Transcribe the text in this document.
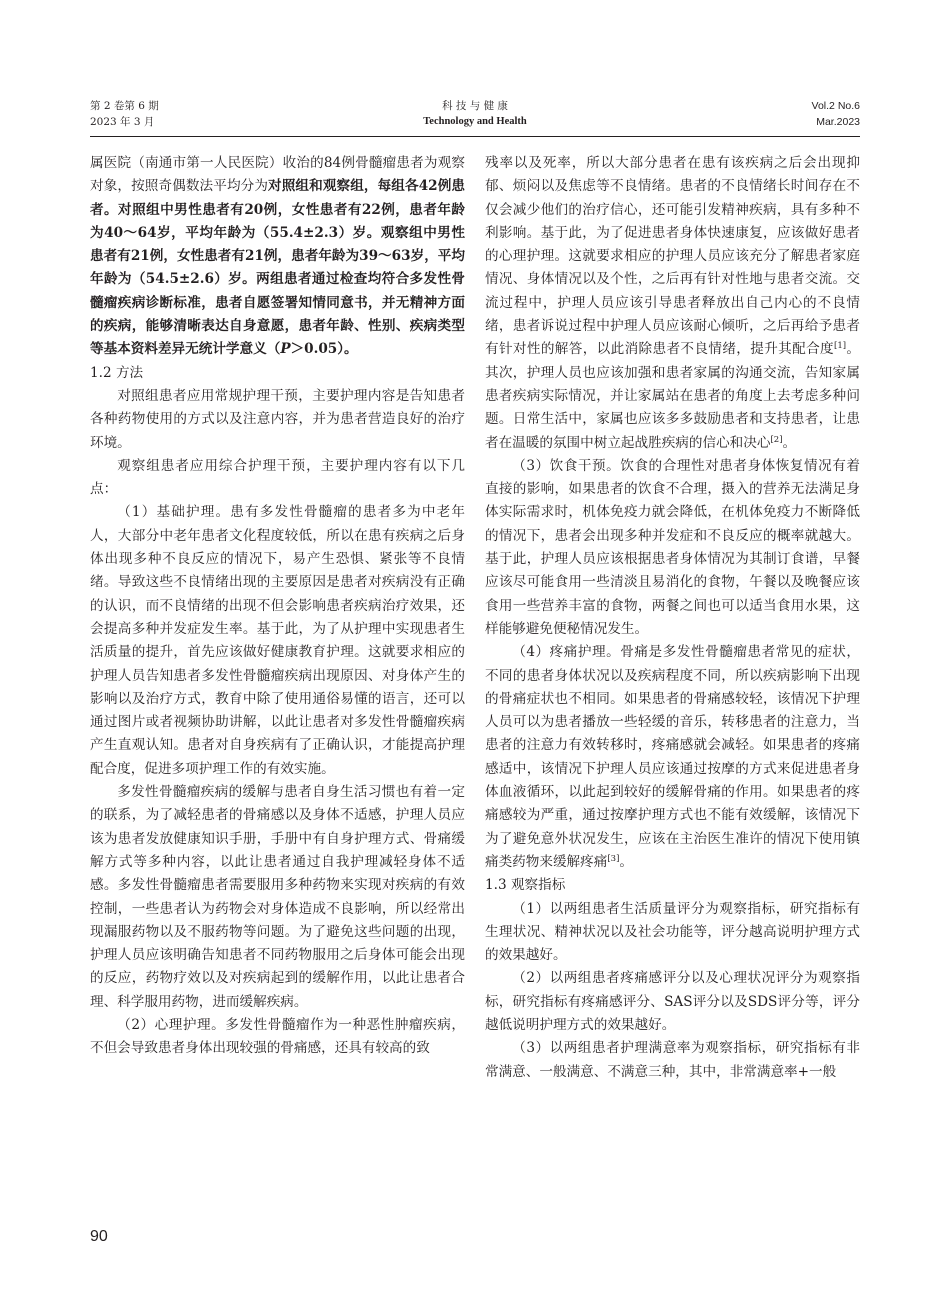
第 2 卷第 6 期
2023 年 3 月
科 技 与 健 康
Technology and Health
Vol.2 No.6
Mar.2023

属医院（南通市第一人民医院）收治的84例骨髓瘤患者为观察对象，按照奇偶数法平均分为对照组和观察组，每组各42例患者。对照组中男性患者有20例，女性患者有22例，患者年龄为40～64岁，平均年龄为（55.4±2.3）岁。观察组中男性患者有21例，女性患者有21例，患者年龄为39～63岁，平均年龄为（54.5±2.6）岁。两组患者通过检查均符合多发性骨髓瘤疾病诊断标准，患者自愿签署知情同意书，并无精神方面的疾病，能够清晰表达自身意愿，患者年龄、性别、疾病类型等基本资料差异无统计学意义（P＞0.05）。

1.2 方法

对照组患者应用常规护理干预，主要护理内容是告知患者各种药物使用的方式以及注意内容，并为患者营造良好的治疗环境。

观察组患者应用综合护理干预，主要护理内容有以下几点：

（1）基础护理。患有多发性骨髓瘤的患者多为中老年人，大部分中老年患者文化程度较低，所以在患有疾病之后身体出现多种不良反应的情况下，易产生恐惧、紧张等不良情绪。导致这些不良情绪出现的主要原因是患者对疾病没有正确的认识，而不良情绪的出现不但会影响患者疾病治疗效果，还会提高多种并发症发生率。基于此，为了从护理中实现患者生活质量的提升，首先应该做好健康教育护理。这就要求相应的护理人员告知患者多发性骨髓瘤疾病出现原因、对身体产生的影响以及治疗方式，教育中除了使用通俗易懂的语言，还可以通过图片或者视频协助讲解，以此让患者对多发性骨髓瘤疾病产生直观认知。患者对自身疾病有了正确认识，才能提高护理配合度，促进多项护理工作的有效实施。

多发性骨髓瘤疾病的缓解与患者自身生活习惯也有着一定的联系，为了减轻患者的骨痛感以及身体不适感，护理人员应该为患者发放健康知识手册，手册中有自身护理方式、骨痛缓解方式等多种内容，以此让患者通过自我护理减轻身体不适感。多发性骨髓瘤患者需要服用多种药物来实现对疾病的有效控制，一些患者认为药物会对身体造成不良影响，所以经常出现漏服药物以及不服药物等问题。为了避免这些问题的出现，护理人员应该明确告知患者不同药物服用之后身体可能会出现的反应，药物疗效以及对疾病起到的缓解作用，以此让患者合理、科学服用药物，进而缓解疾病。

（2）心理护理。多发性骨髓瘤作为一种恶性肿瘤疾病，不但会导致患者身体出现较强的骨痛感，还具有较高的致

残率以及死率，所以大部分患者在患有该疾病之后会出现抑郁、烦闷以及焦虑等不良情绪。患者的不良情绪长时间存在不仅会减少他们的治疗信心，还可能引发精神疾病，具有多种不利影响。基于此，为了促进患者身体快速康复，应该做好患者的心理护理。这就要求相应的护理人员应该充分了解患者家庭情况、身体情况以及个性，之后再有针对性地与患者交流。交流过程中，护理人员应该引导患者释放出自己内心的不良情绪，患者诉说过程中护理人员应该耐心倾听，之后再给予患者有针对性的解答，以此消除患者不良情绪，提升其配合度[1]。其次，护理人员也应该加强和患者家属的沟通交流，告知家属患者疾病实际情况，并让家属站在患者的角度上去考虑多种问题。日常生活中，家属也应该多多鼓励患者和支持患者，让患者在温暖的氛围中树立起战胜疾病的信心和决心[2]。

（3）饮食干预。饮食的合理性对患者身体恢复情况有着直接的影响，如果患者的饮食不合理，摄入的营养无法满足身体实际需求时，机体免疫力就会降低，在机体免疫力不断降低的情况下，患者会出现多种并发症和不良反应的概率就越大。基于此，护理人员应该根据患者身体情况为其制订食谱，早餐应该尽可能食用一些清淡且易消化的食物，午餐以及晚餐应该食用一些营养丰富的食物，两餐之间也可以适当食用水果，这样能够避免便秘情况发生。

（4）疼痛护理。骨痛是多发性骨髓瘤患者常见的症状，不同的患者身体状况以及疾病程度不同，所以疾病影响下出现的骨痛症状也不相同。如果患者的骨痛感较轻，该情况下护理人员可以为患者播放一些轻缓的音乐，转移患者的注意力，当患者的注意力有效转移时，疼痛感就会减轻。如果患者的疼痛感适中，该情况下护理人员应该通过按摩的方式来促进患者身体血液循环，以此起到较好的缓解骨痛的作用。如果患者的疼痛感较为严重，通过按摩护理方式也不能有效缓解，该情况下为了避免意外状况发生，应该在主治医生准许的情况下使用镇痛类药物来缓解疼痛[3]。

1.3 观察指标

（1）以两组患者生活质量评分为观察指标，研究指标有生理状况、精神状况以及社会功能等，评分越高说明护理方式的效果越好。

（2）以两组患者疼痛感评分以及心理状况评分为观察指标，研究指标有疼痛感评分、SAS评分以及SDS评分等，评分越低说明护理方式的效果越好。

（3）以两组患者护理满意率为观察指标，研究指标有非常满意、一般满意、不满意三种，其中，非常满意率+一般

90
